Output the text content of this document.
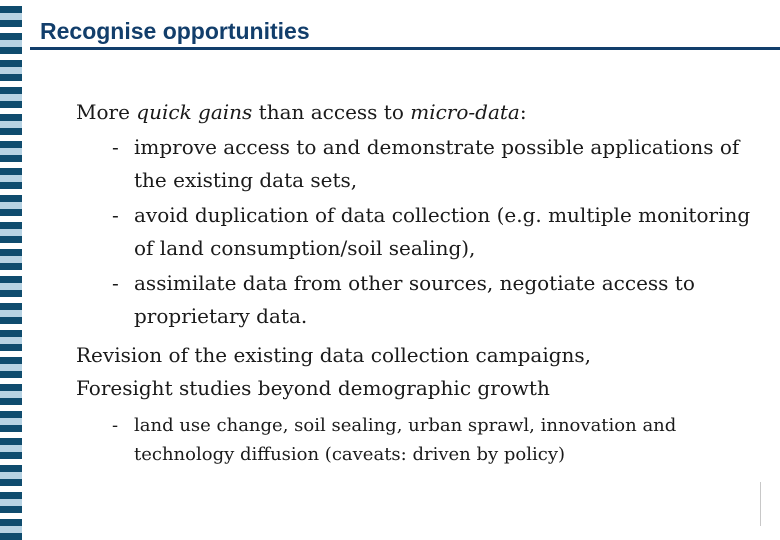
Recognise opportunities
More quick gains than access to micro-data:
- improve access to and demonstrate possible applications of the existing data sets,
- avoid duplication of data collection (e.g. multiple monitoring of land consumption/soil sealing),
- assimilate data from other sources, negotiate access to proprietary data.
Revision of the existing data collection campaigns,
Foresight studies beyond demographic growth
- land use change, soil sealing, urban sprawl, innovation and technology diffusion (caveats: driven by policy)
